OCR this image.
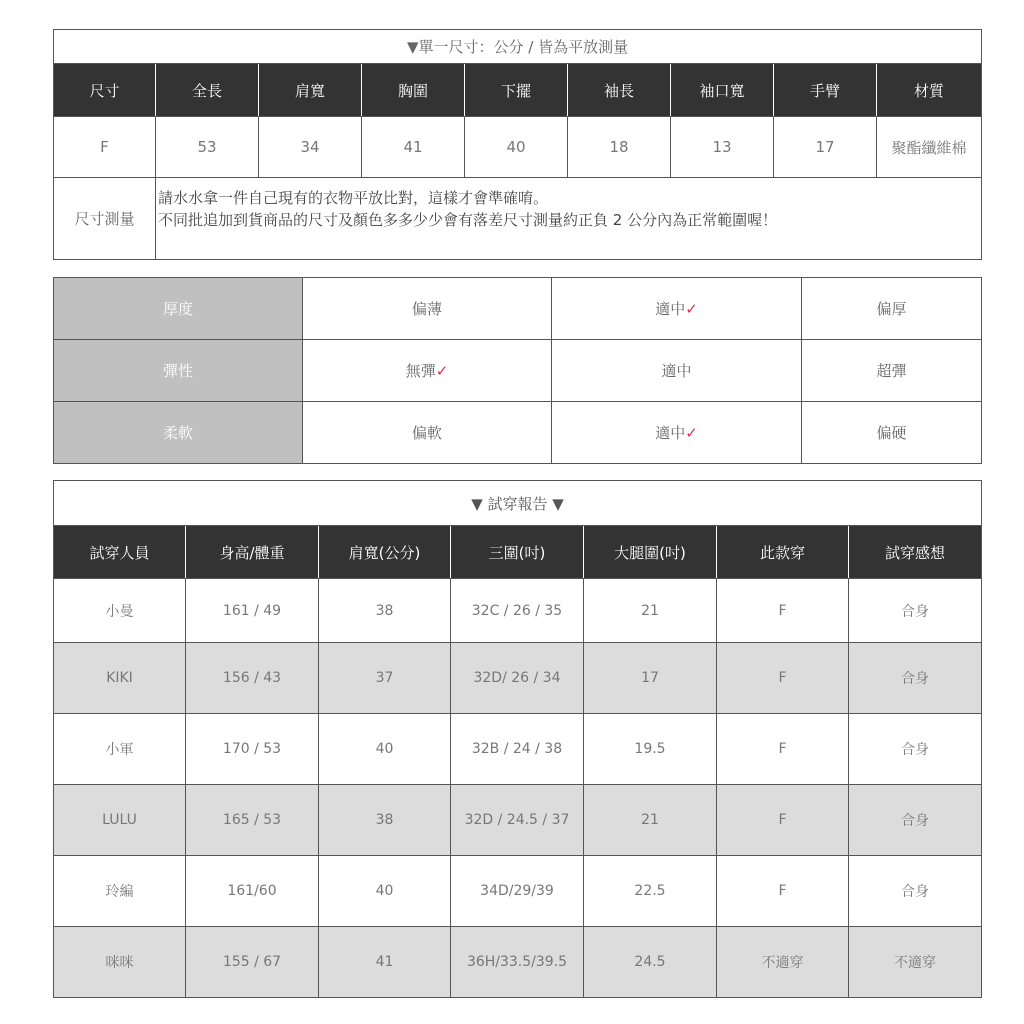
▼單一尺寸：公分 / 皆為平放測量								
尺寸	全長	肩寬	胸圍	下擺	袖長	袖口寬	手臂	材質
F	53	34	41	40	18	13	17	聚酯纖維棉
尺寸測量	請水水拿一件自己現有的衣物平放比對，這樣才會準確唷。
不同批追加到貨商品的尺寸及顏色多多少少會有落差尺寸測量約正負 2 公分內為正常範圍喔！							
厚度	偏薄	適中✓	偏厚
彈性	無彈✓	適中	超彈
柔軟	偏軟	適中✓	偏硬
▼ 試穿報告 ▼						
試穿人員	身高/體重	肩寬(公分)	三圍(吋)	大腿圍(吋)	此款穿	試穿感想
小曼	161 / 49	38	32C / 26 / 35	21	F	合身
KIKI	156 / 43	37	32D/ 26 / 34	17	F	合身
小軍	170 / 53	40	32B / 24 / 38	19.5	F	合身
LULU	165 / 53	38	32D / 24.5 / 37	21	F	合身
玲編	161/60	40	34D/29/39	22.5	F	合身
咪咪	155 / 67	41	36H/33.5/39.5	24.5	不適穿	不適穿
